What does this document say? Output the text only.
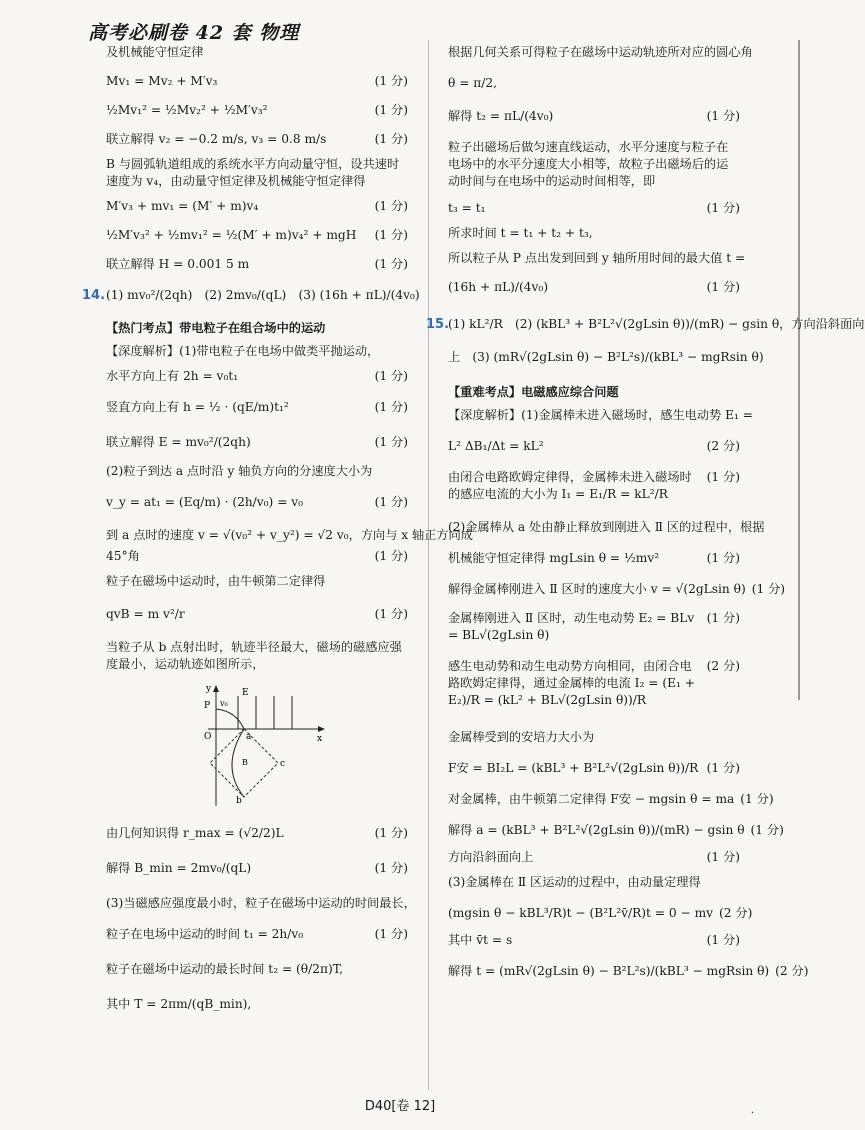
高考必刷卷 42 套 物理
及机械能守恒定律
Mv₁ = Mv₂ + M′v₃	(1 分)
½Mv₁² = ½Mv₂² + ½M′v₃²	(1 分)
联立解得 v₂ = −0.2 m/s, v₃ = 0.8 m/s	(1 分)
B 与圆弧轨道组成的系统水平方向动量守恒，设共速时速度为 v₄，由动量守恒定律及机械能守恒定律得
M′v₃ + mv₁ = (M′ + m)v₄	(1 分)
½M′v₃² + ½mv₁² = ½(M′ + m)v₄² + mgH	(1 分)
联立解得 H = 0.001 5 m	(1 分)
14. (1) mv₀²/(2qh)　(2) 2mv₀/(qL)　(3) (16h + πL)/(4v₀)
【热门考点】带电粒子在组合场中的运动
【深度解析】(1)带电粒子在电场中做类平抛运动，
水平方向上有 2h = v₀t₁	(1 分)
竖直方向上有 h = ½ · (qE/m)t₁²	(1 分)
联立解得 E = mv₀²/(2qh)	(1 分)
(2)粒子到达 a 点时沿 y 轴负方向的分速度大小为
v_y = at₁ = (Eq/m) · (2h/v₀) = v₀	(1 分)
到 a 点时的速度 v = √(v₀² + v_y²) = √2 v₀，方向与 x 轴正方向成
45°角	(1 分)
粒子在磁场中运动时，由牛顿第二定律得
qvB = m v²/r	(1 分)
当粒子从 b 点射出时，轨迹半径最大，磁场的磁感应强度最小，运动轨迹如图所示，
y
x
O
P v₀
E
a
c
b
B
由几何知识得 r_max = (√2/2)L	(1 分)
解得 B_min = 2mv₀/(qL)	(1 分)
(3)当磁感应强度最小时，粒子在磁场中运动的时间最长，
粒子在电场中运动的时间 t₁ = 2h/v₀	(1 分)
粒子在磁场中运动的最长时间 t₂ = (θ/2π)T,
其中 T = 2πm/(qB_min),
根据几何关系可得粒子在磁场中运动轨迹所对应的圆心角
θ = π/2,
解得 t₂ = πL/(4v₀)	(1 分)
粒子出磁场后做匀速直线运动，水平分速度与粒子在电场中的水平分速度大小相等，故粒子出磁场后的运动时间与在电场中的运动时间相等，即
t₃ = t₁	(1 分)
所求时间 t = t₁ + t₂ + t₃,
所以粒子从 P 点出发到回到 y 轴所用时间的最大值 t =
(16h + πL)/(4v₀)	(1 分)
15.
(1) kL²/R　(2) (kBL³ + B²L²√(2gLsin θ))/(mR) − gsin θ，方向沿斜面向
上　(3) (mR√(2gLsin θ) − B²L²s)/(kBL³ − mgRsin θ)
【重难考点】电磁感应综合问题
【深度解析】(1)金属棒未进入磁场时，感生电动势 E₁ =
L² ΔB₁/Δt = kL²	(2 分)
由闭合电路欧姆定律得，金属棒未进入磁场时的感应电流的大小为 I₁ = E₁/R = kL²/R
(1 分)
(2)金属棒从 a 处由静止释放到刚进入 Ⅱ 区的过程中，根据
机械能守恒定律得 mgLsin θ = ½mv²	(1 分)
解得金属棒刚进入 Ⅱ 区时的速度大小 v = √(2gLsin θ) (1 分)
金属棒刚进入 Ⅱ 区时，动生电动势 E₂ = BLv = BL√(2gLsin θ)
(1 分)
感生电动势和动生电动势方向相同，由闭合电路欧姆定律得，通过金属棒的电流 I₂ = (E₁ + E₂)/R = (kL² + BL√(2gLsin θ))/R
(2 分)
金属棒受到的安培力大小为
F安 = BI₂L = (kBL³ + B²L²√(2gLsin θ))/R (1 分)
对金属棒，由牛顿第二定律得 F安 − mgsin θ = ma (1 分)
解得 a = (kBL³ + B²L²√(2gLsin θ))/(mR) − gsin θ (1 分)
方向沿斜面向上	(1 分)
(3)金属棒在 Ⅱ 区运动的过程中，由动量定理得
(mgsin θ − kBL³/R)t − (B²L²v̄/R)t = 0 − mv (2 分)
其中 v̄t = s	(1 分)
解得 t = (mR√(2gLsin θ) − B²L²s)/(kBL³ − mgRsin θ) (2 分)
D40[卷 12]	·
